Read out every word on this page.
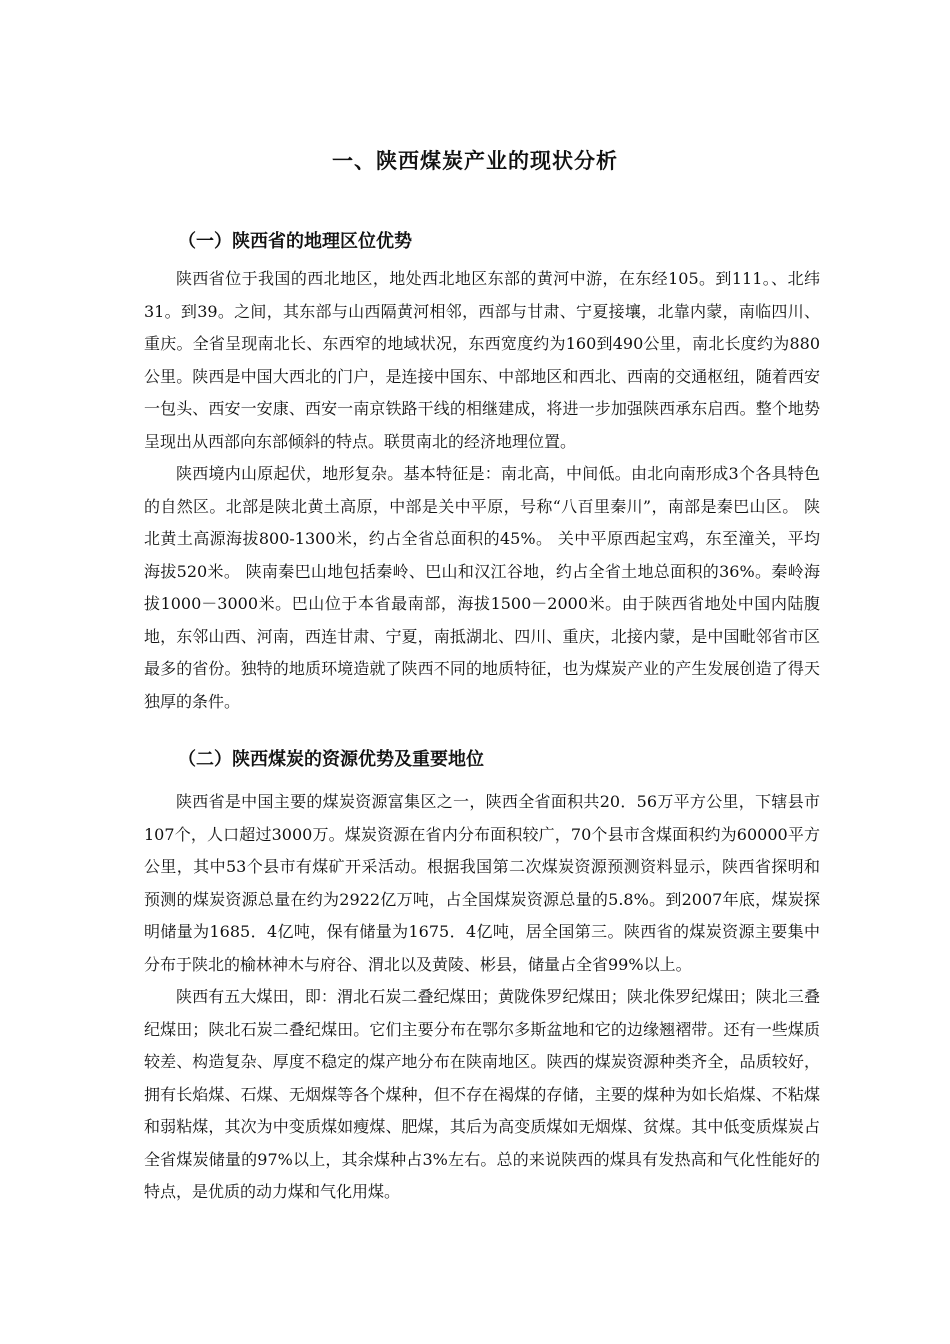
一、陕西煤炭产业的现状分析
（一）陕西省的地理区位优势

陕西省位于我国的西北地区，地处西北地区东部的黄河中游，在东经105。到111。、北纬31。到39。之间，其东部与山西隔黄河相邻，西部与甘肃、宁夏接壤，北靠内蒙，南临四川、重庆。全省呈现南北长、东西窄的地域状况，东西宽度约为160到490公里，南北长度约为880公里。陕西是中国大西北的门户，是连接中国东、中部地区和西北、西南的交通枢纽，随着西安一包头、西安一安康、西安一南京铁路干线的相继建成，将进一步加强陕西承东启西。整个地势呈现出从西部向东部倾斜的特点。联贯南北的经济地理位置。

陕西境内山原起伏，地形复杂。基本特征是：南北高，中间低。由北向南形成3个各具特色的自然区。北部是陕北黄土高原，中部是关中平原，号称“八百里秦川”，南部是秦巴山区。 陕北黄土高源海拔800-1300米，约占全省总面积的45%。 关中平原西起宝鸡，东至潼关，平均海拔520米。 陕南秦巴山地包括秦岭、巴山和汉江谷地，约占全省土地总面积的36%。秦岭海拔1000－3000米。巴山位于本省最南部，海拔1500－2000米。由于陕西省地处中国内陆腹地，东邻山西、河南，西连甘肃、宁夏，南抵湖北、四川、重庆，北接内蒙，是中国毗邻省市区最多的省份。独特的地质环境造就了陕西不同的地质特征，也为煤炭产业的产生发展创造了得天独厚的条件。

（二）陕西煤炭的资源优势及重要地位

陕西省是中国主要的煤炭资源富集区之一，陕西全省面积共20．56万平方公里，下辖县市107个，人口超过3000万。煤炭资源在省内分布面积较广，70个县市含煤面积约为60000平方公里，其中53个县市有煤矿开采活动。根据我国第二次煤炭资源预测资料显示，陕西省探明和预测的煤炭资源总量在约为2922亿万吨，占全国煤炭资源总量的5.8%。到2007年底，煤炭探明储量为1685．4亿吨，保有储量为1675．4亿吨，居全国第三。陕西省的煤炭资源主要集中分布于陕北的榆林神木与府谷、渭北以及黄陵、彬县，储量占全省99%以上。

陕西有五大煤田，即：渭北石炭二叠纪煤田；黄陇侏罗纪煤田；陕北侏罗纪煤田；陕北三叠纪煤田；陕北石炭二叠纪煤田。它们主要分布在鄂尔多斯盆地和它的边缘翘褶带。还有一些煤质较差、构造复杂、厚度不稳定的煤产地分布在陕南地区。陕西的煤炭资源种类齐全，品质较好，拥有长焰煤、石煤、无烟煤等各个煤种，但不存在褐煤的存储，主要的煤种为如长焰煤、不粘煤和弱粘煤，其次为中变质煤如瘦煤、肥煤，其后为高变质煤如无烟煤、贫煤。其中低变质煤炭占全省煤炭储量的97%以上，其余煤种占3%左右。总的来说陕西的煤具有发热高和气化性能好的特点，是优质的动力煤和气化用煤。
